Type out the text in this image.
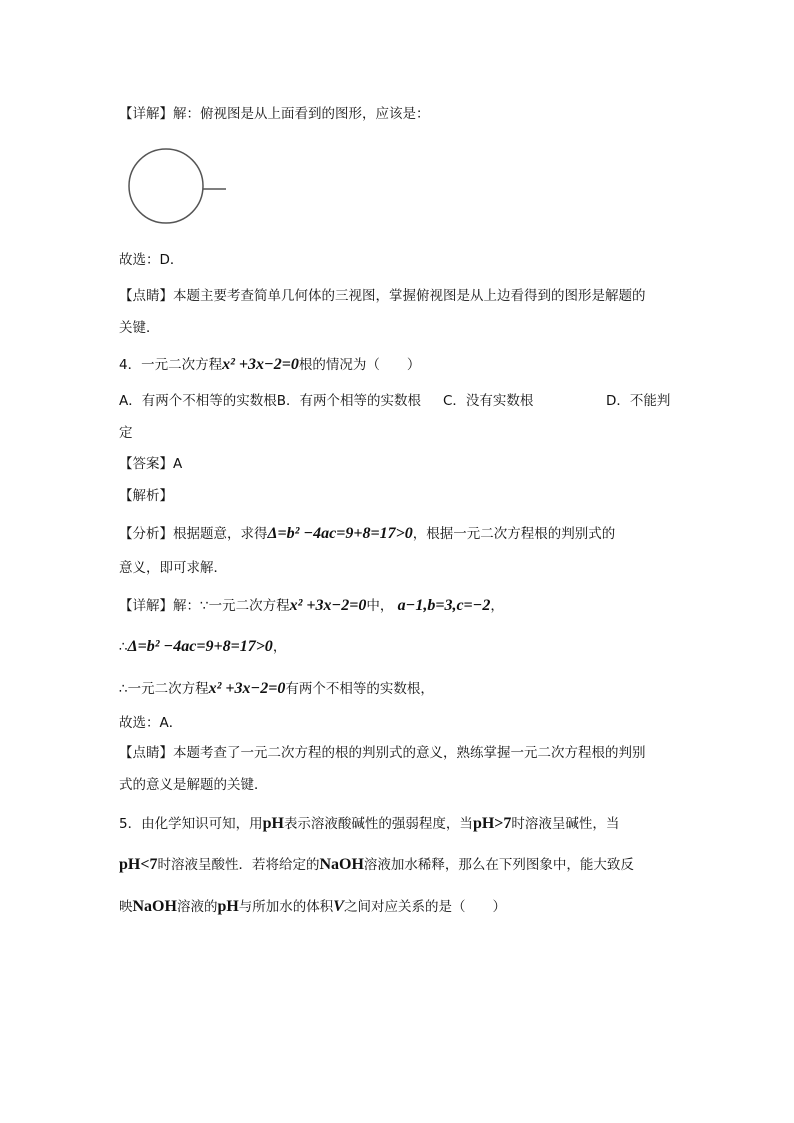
【详解】解：俯视图是从上面看到的图形，应该是：
故选：D．
【点睛】本题主要考查简单几何体的三视图，掌握俯视图是从上边看得到的图形是解题的
关键．
4．一元二次方程x² +3x−2=0根的情况为（　　）
A．有两个不相等的实数根B．有两个相等的实数根 C．没有实数根	D．不能判
定
【答案】A
【解析】
【分析】根据题意，求得Δ=b² −4ac=9+8=17>0，根据一元二次方程根的判别式的
意义，即可求解．
【详解】解：∵一元二次方程x² +3x−2=0中， a−1,b=3,c=−2，
∴Δ=b² −4ac=9+8=17>0，
∴一元二次方程x² +3x−2=0有两个不相等的实数根，
故选：A．
【点睛】本题考查了一元二次方程的根的判别式的意义，熟练掌握一元二次方程根的判别
式的意义是解题的关键．
5．由化学知识可知，用pH表示溶液酸碱性的强弱程度，当pH>7时溶液呈碱性，当
pH<7时溶液呈酸性．若将给定的NaOH溶液加水稀释，那么在下列图象中，能大致反
映NaOH溶液的pH与所加水的体积V之间对应关系的是（　　）
